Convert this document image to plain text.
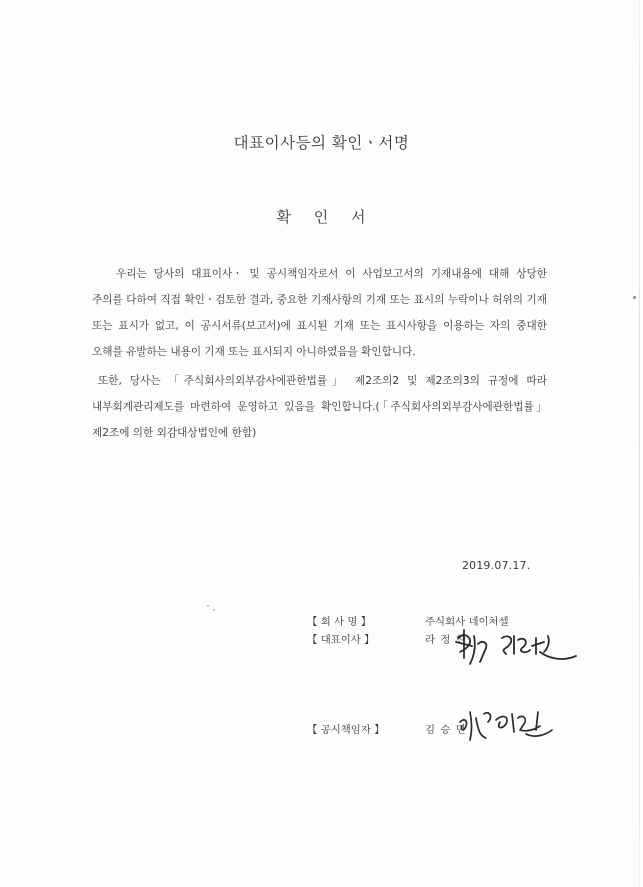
대표이사등의 확인ㆍ서명
확 인 서
우리는 당사의 대표이사ㆍ 및 공시책임자로서 이 사업보고서의 기재내용에 대해 상당한 주의를 다하여 직접 확인ㆍ검토한 결과, 중요한 기재사항의 기재 또는 표시의 누락이나 허위의 기재 또는 표시가 없고, 이 공시서류(보고서)에 표시된 기재 또는 표시사항을 이용하는 자의 중대한 오해를 유발하는 내용이 기재 또는 표시되지 아니하였음을 확인합니다.
또한, 당사는 「주식회사의외부감사에관한법률」 제2조의2 및 제2조의3의 규정에 따라 내부회계관리제도를 마련하여 운영하고 있음을 확인합니다.(「주식회사의외부감사에관한법률」제2조에 의한 외감대상법인에 한함)
2019.07.17.
【 회 사 명 】	주식회사 네이처셀
【 대표이사 】	라 정 찬
【 공시책임자 】	김 승 민
